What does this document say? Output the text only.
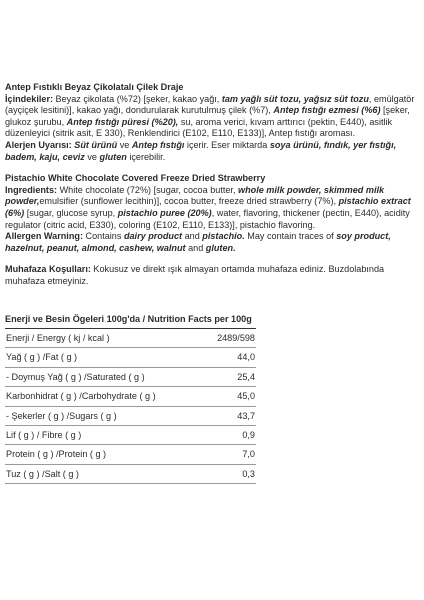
Antep Fıstıklı Beyaz Çikolatalı Çilek Draje

İçindekiler: Beyaz çikolata (%72) [şeker, kakao yağı, tam yağlı süt tozu, yağsız süt tozu, emülgatör (ayçiçek lesitini)], kakao yağı, dondurularak kurutulmuş çilek (%7), Antep fıstığı ezmesi (%6) [şeker, glukoz şurubu, Antep fıstığı püresi (%20), su, aroma verici, kıvam arttırıcı (pektin, E440), asitlik düzenleyici (sitrik asit, E 330), Renklendirici (E102, E110, E133)], Antep fıstığı aroması.

Alerjen Uyarısı: Süt ürünü ve Antep fıstığı içerir. Eser miktarda soya ürünü, fındık, yer fıstığı, badem, kaju, ceviz ve gluten içerebilir.

Pistachio White Chocolate Covered Freeze Dried Strawberry

Ingredients: White chocolate (72%) [sugar, cocoa butter, whole milk powder, skimmed milk powder,emulsifier (sunflower lecithin)], cocoa butter, freeze dried strawberry (7%), pistachio extract (6%) [sugar, glucose syrup, pistachio puree (20%), water, flavoring, thickener (pectin, E440), acidity regulator (citric acid, E330), coloring (E102, E110, E133)], pistachio flavoring.

Allergen Warning: Contains dairy product and pistachio. May contain traces of soy product, hazelnut, peanut, almond, cashew, walnut and gluten.

Muhafaza Koşulları: Kokusuz ve direkt ışık almayan ortamda muhafaza ediniz. Buzdolabında muhafaza etmeyiniz.

Enerji ve Besin Ögeleri 100g'da / Nutrition Facts per 100g
Enerji / Energy ( kj / kcal )	2489/598
Yağ ( g ) /Fat ( g )	44,0
- Doymuş Yağ ( g ) /Saturated ( g )	25,4
Karbonhidrat ( g ) /Carbohydrate ( g )	45,0
- Şekerler ( g ) /Sugars ( g )	43,7
Lif ( g ) / Fibre ( g )	0,9
Protein ( g ) /Protein ( g )	7,0
Tuz ( g ) /Salt ( g )	0,3
